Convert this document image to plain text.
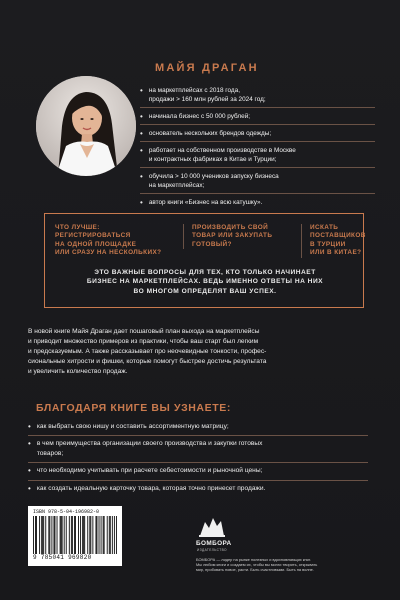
МАЙЯ ДРАГАН
• на маркетплейсах с 2018 года,
продажи > 160 млн рублей за 2024 год;
• начинала бизнес с 50 000 рублей;
• основатель нескольких брендов одежды;
• работает на собственном производстве в Москве
и контрактных фабриках в Китае и Турции;
• обучила > 10 000 учеников запуску бизнеса
на маркетплейсах;
• автор книги «Бизнес на всю катушку».
ЧТО ЛУЧШЕ: РЕГИСТРИРОВАТЬСЯ
НА ОДНОЙ ПЛОЩАДКЕ
ИЛИ СРАЗУ НА НЕСКОЛЬКИХ?
ПРОИЗВОДИТЬ СВОЙ
ТОВАР ИЛИ ЗАКУПАТЬ
ГОТОВЫЙ?
ИСКАТЬ ПОСТАВЩИКОВ
В ТУРЦИИ
ИЛИ В КИТАЕ?

ЭТО ВАЖНЫЕ ВОПРОСЫ ДЛЯ ТЕХ, КТО ТОЛЬКО НАЧИНАЕТ
БИЗНЕС НА МАРКЕТПЛЕЙСАХ. ВЕДЬ ИМЕННО ОТВЕТЫ НА НИХ
ВО МНОГОМ ОПРЕДЕЛЯТ ВАШ УСПЕХ.

В новой книге Майя Драган дает пошаговый план выхода на маркетплейсы
и приводит множество примеров из практики, чтобы ваш старт был легким
и предсказуемым. А также рассказывает про неочевидные тонкости, профес-
сиональные хитрости и фишки, которые помогут быстрее достичь результата
и увеличить количество продаж.

БЛАГОДАРЯ КНИГЕ ВЫ УЗНАЕТЕ:
• как выбрать свою нишу и составить ассортиментную матрицу;
• в чем преимущества организации своего производства и закупки готовых
товаров;
• что необходимо учитывать при расчете себестоимости и рыночной цены;
• как создать идеальную карточку товара, которая точно принесет продажи.
ISBN 978-5-04-196982-0
9 785041 969820
БОМБОРА
ИЗДАТЕЛЬСТВО

БОМБОРА — лидер на рынке полезных и вдохновляющих книг.
Мы любим книги и создаем их, чтобы вы могли творить, открывать
мир, пробовать новое, расти. Быть счастливыми. Быть на волне.
